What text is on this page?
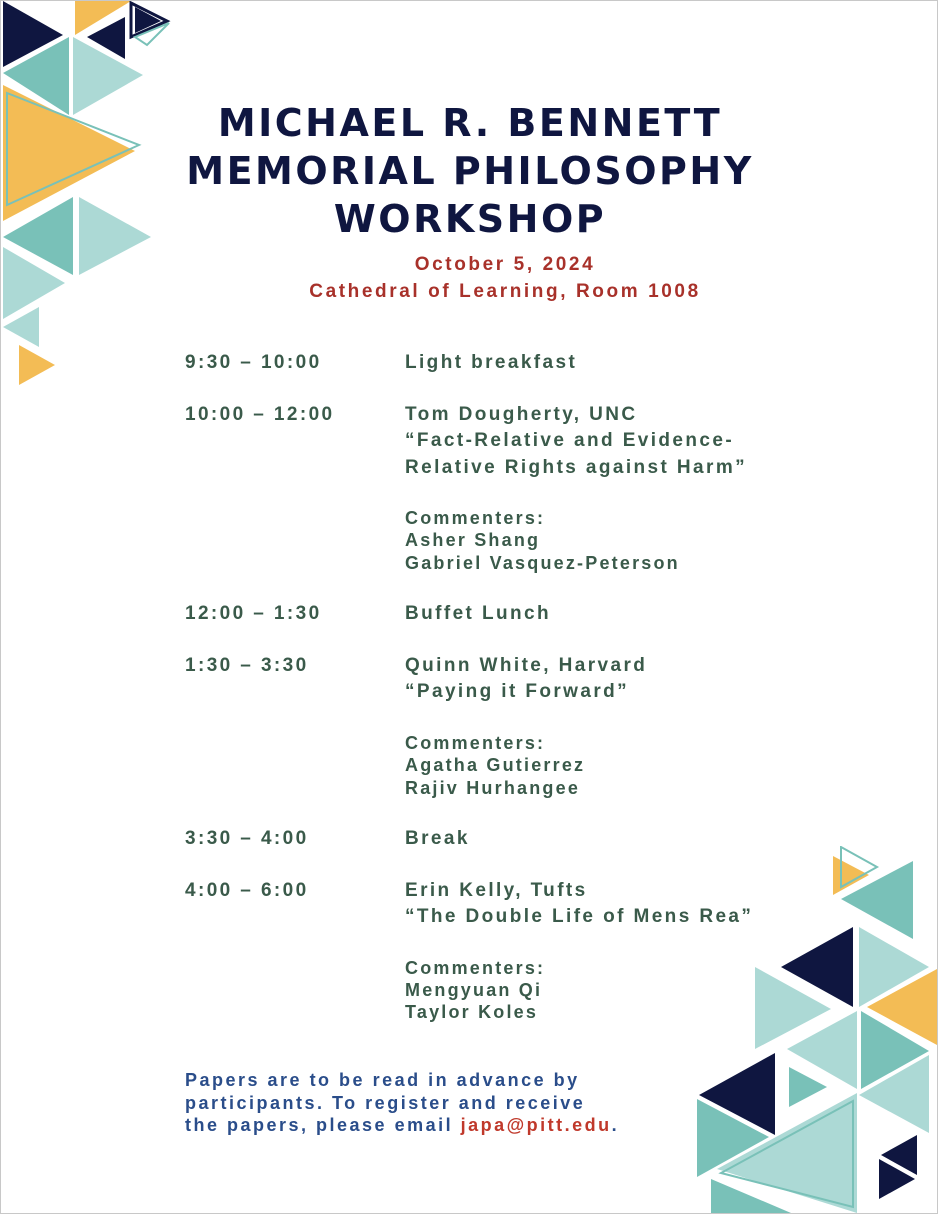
MICHAEL R. BENNETT
MEMORIAL PHILOSOPHY
WORKSHOP
October 5, 2024
Cathedral of Learning, Room 1008
9:30 – 10:00	Light breakfast
10:00 – 12:00	Tom Dougherty, UNC
“Fact-Relative and Evidence-
Relative Rights against Harm”
Commenters:
Asher Shang
Gabriel Vasquez-Peterson
12:00 – 1:30	Buffet Lunch
1:30 – 3:30	Quinn White, Harvard
“Paying it Forward”
Commenters:
Agatha Gutierrez
Rajiv Hurhangee
3:30 – 4:00	Break
4:00 – 6:00	Erin Kelly, Tufts
“The Double Life of Mens Rea”
Commenters:
Mengyuan Qi
Taylor Koles
Papers are to be read in advance by
participants. To register and receive
the papers, please email japa@pitt.edu.
